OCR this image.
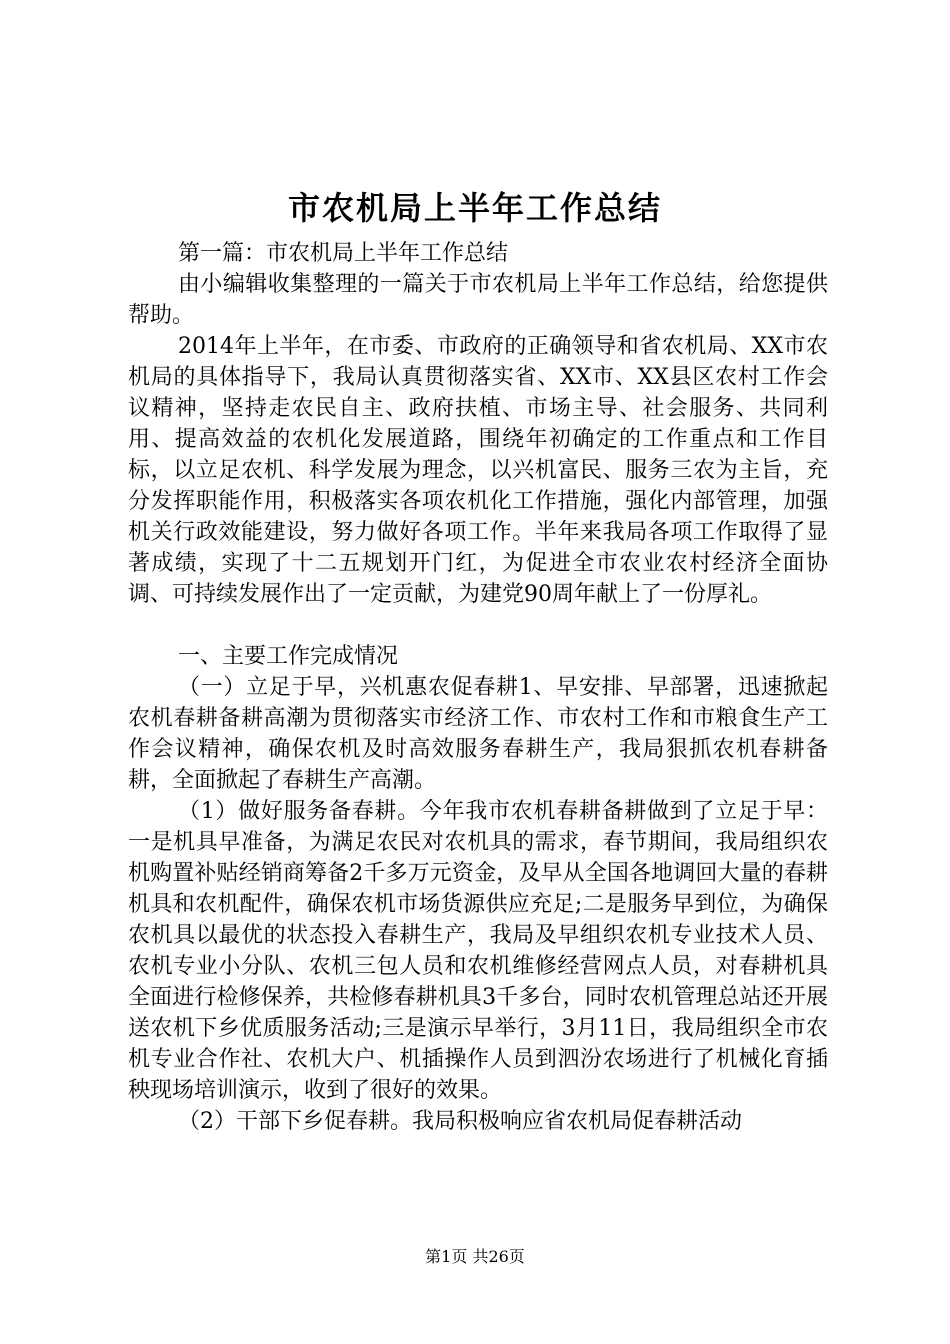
市农机局上半年工作总结

第一篇：市农机局上半年工作总结

由小编辑收集整理的一篇关于市农机局上半年工作总结，给您提供帮助。

2014年上半年，在市委、市政府的正确领导和省农机局、XX市农机局的具体指导下，我局认真贯彻落实省、XX市、XX县区农村工作会议精神，坚持走农民自主、政府扶植、市场主导、社会服务、共同利用、提高效益的农机化发展道路，围绕年初确定的工作重点和工作目标，以立足农机、科学发展为理念，以兴机富民、服务三农为主旨，充分发挥职能作用，积极落实各项农机化工作措施，强化内部管理，加强机关行政效能建设，努力做好各项工作。半年来我局各项工作取得了显著成绩，实现了十二五规划开门红，为促进全市农业农村经济全面协调、可持续发展作出了一定贡献，为建党90周年献上了一份厚礼。

一、主要工作完成情况

（一）立足于早，兴机惠农促春耕1、早安排、早部署，迅速掀起农机春耕备耕高潮为贯彻落实市经济工作、市农村工作和市粮食生产工作会议精神，确保农机及时高效服务春耕生产，我局狠抓农机春耕备耕，全面掀起了春耕生产高潮。

（1）做好服务备春耕。今年我市农机春耕备耕做到了立足于早：一是机具早准备，为满足农民对农机具的需求，春节期间，我局组织农机购置补贴经销商筹备2千多万元资金，及早从全国各地调回大量的春耕机具和农机配件，确保农机市场货源供应充足;二是服务早到位，为确保农机具以最优的状态投入春耕生产，我局及早组织农机专业技术人员、农机专业小分队、农机三包人员和农机维修经营网点人员，对春耕机具全面进行检修保养，共检修春耕机具3千多台，同时农机管理总站还开展送农机下乡优质服务活动;三是演示早举行，3月11日，我局组织全市农机专业合作社、农机大户、机插操作人员到泗汾农场进行了机械化育插秧现场培训演示，收到了很好的效果。

（2）干部下乡促春耕。我局积极响应省农机局促春耕活动

第1页 共26页
